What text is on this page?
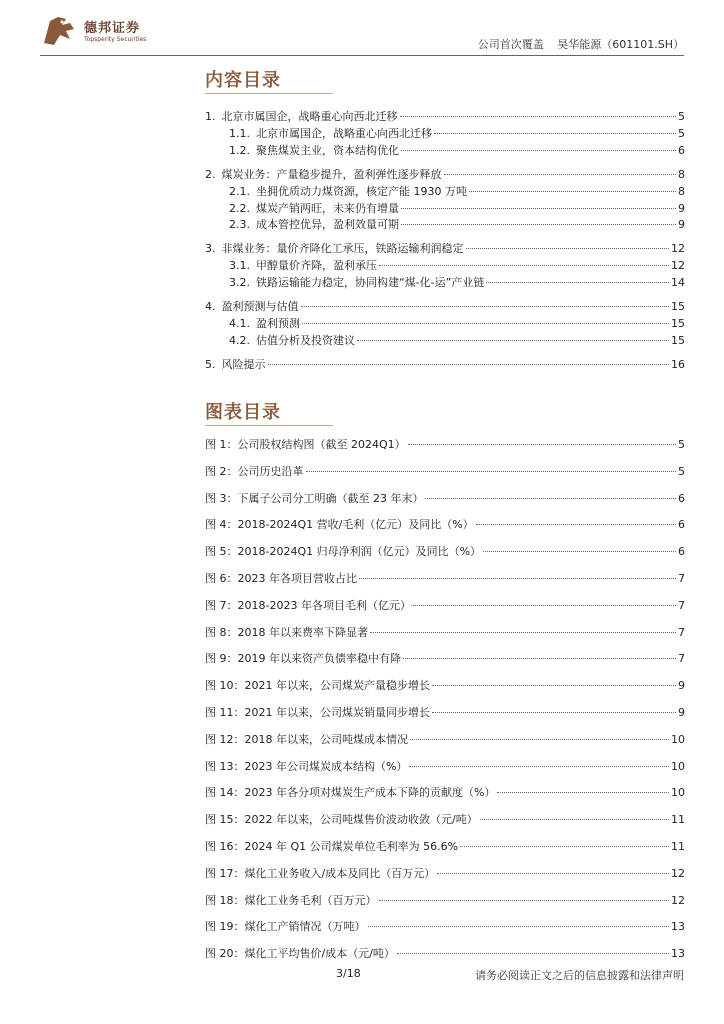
德邦证券
Topsperity Securities	公司首次覆盖 昊华能源（601101.SH）
内容目录
1. 北京市属国企，战略重心向西北迁移	5
1.1. 北京市属国企，战略重心向西北迁移	5
1.2. 聚焦煤炭主业，资本结构优化	6
2. 煤炭业务：产量稳步提升，盈利弹性逐步释放	8
2.1. 坐拥优质动力煤资源，核定产能 1930 万吨	8
2.2. 煤炭产销两旺，未来仍有增量	9
2.3. 成本管控优异，盈利效量可期	9
3. 非煤业务：量价齐降化工承压，铁路运输利润稳定	12
3.1. 甲醇量价齐降，盈利承压	12
3.2. 铁路运输能力稳定，协同构建“煤-化-运”产业链	14
4. 盈利预测与估值	15
4.1. 盈利预测	15
4.2. 估值分析及投资建议	15
5. 风险提示	16
图表目录
图 1：公司股权结构图（截至 2024Q1）	5
图 2：公司历史沿革	5
图 3：下属子公司分工明确（截至 23 年末）	6
图 4：2018-2024Q1 营收/毛利（亿元）及同比（%）	6
图 5：2018-2024Q1 归母净利润（亿元）及同比（%）	6
图 6：2023 年各项目营收占比	7
图 7：2018-2023 年各项目毛利（亿元）	7
图 8：2018 年以来费率下降显著	7
图 9：2019 年以来资产负债率稳中有降	7
图 10：2021 年以来，公司煤炭产量稳步增长	9
图 11：2021 年以来，公司煤炭销量同步增长	9
图 12：2018 年以来，公司吨煤成本情况	10
图 13：2023 年公司煤炭成本结构（%）	10
图 14：2023 年各分项对煤炭生产成本下降的贡献度（%）	10
图 15：2022 年以来，公司吨煤售价波动收敛（元/吨）	11
图 16：2024 年 Q1 公司煤炭单位毛利率为 56.6%	11
图 17：煤化工业务收入/成本及同比（百万元）	12
图 18：煤化工业务毛利（百万元）	12
图 19：煤化工产销情况（万吨）	13
图 20：煤化工平均售价/成本（元/吨）	13
3/18	请务必阅读正文之后的信息披露和法律声明
